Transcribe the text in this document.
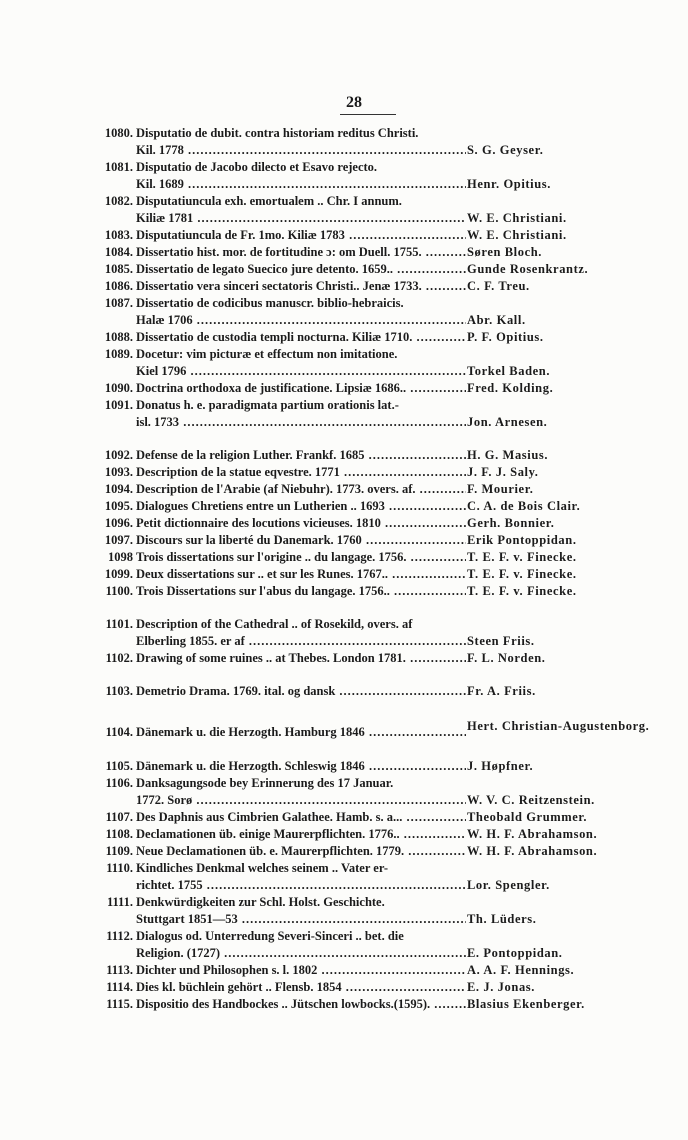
28
1080. Disputatio de dubit. contra historiam reditus Christi.
Kil. 1778 .....	S. G. Geyser.
1081. Disputatio de Jacobo dilecto et Esavo rejecto.
Kil. 1689 .....	Henr. Opitius.
1082. Disputatiuncula exh. emortualem .. Chr. I annum.
Kiliæ 1781 .....	W. E. Christiani.
1083. Disputatiuncula de Fr. 1mo. Kiliæ 1783 .....	W. E. Christiani.
1084. Dissertatio hist. mor. de fortitudine ɔ: om Duell. 1755. .....	Søren Bloch.
1085. Dissertatio de legato Suecico jure detento. 1659.. .....	Gunde Rosenkrantz.
1086. Dissertatio vera sinceri sectatoris Christi.. Jenæ 1733. .....	C. F. Treu.
1087. Dissertatio de codicibus manuscr. biblio-hebraicis.
Halæ 1706 .....	Abr. Kall.
1088. Dissertatio de custodia templi nocturna. Kiliæ 1710. .....	P. F. Opitius.
1089. Docetur: vim picturæ et effectum non imitatione.
Kiel 1796 .....	Torkel Baden.
1090. Doctrina orthodoxa de justificatione. Lipsiæ 1686.. .....	Fred. Kolding.
1091. Donatus h. e. paradigmata partium orationis lat.-
isl. 1733 .....	Jon. Arnesen.
1092. Defense de la religion Luther. Frankf. 1685 .....	H. G. Masius.
1093. Description de la statue eqvestre. 1771 .....	J. F. J. Saly.
1094. Description de l'Arabie (af Niebuhr). 1773. overs. af. .....	F. Mourier.
1095. Dialogues Chretiens entre un Lutherien .. 1693 .....	C. A. de Bois Clair.
1096. Petit dictionnaire des locutions vicieuses. 1810 .....	Gerh. Bonnier.
1097. Discours sur la liberté du Danemark. 1760 .....	Erik Pontoppidan.
1098 Trois dissertations sur l'origine .. du langage. 1756. .....	T. E. F. v. Finecke.
1099. Deux dissertations sur .. et sur les Runes. 1767.. .....	T. E. F. v. Finecke.
1100. Trois Dissertations sur l'abus du langage. 1756.. .....	T. E. F. v. Finecke.
1101. Description of the Cathedral .. of Rosekild, overs. af
Elberling 1855. er af .....	Steen Friis.
1102. Drawing of some ruines .. at Thebes. London 1781. .....	F. L. Norden.
1103. Demetrio Drama. 1769. ital. og dansk .....	Fr. A. Friis.
1104. Dänemark u. die Herzogth. Hamburg 1846 .....	Hert. Christian-Augustenborg.
1105. Dänemark u. die Herzogth. Schleswig 1846 .....	J. Høpfner.
1106. Danksagungsode bey Erinnerung des 17 Januar.
1772. Sorø .....	W. V. C. Reitzenstein.
1107. Des Daphnis aus Cimbrien Galathee. Hamb. s. a... .....	Theobald Grummer.
1108. Declamationen üb. einige Maurerpflichten. 1776.. .....	W. H. F. Abrahamson.
1109. Neue Declamationen üb. e. Maurerpflichten. 1779. .....	W. H. F. Abrahamson.
1110. Kindliches Denkmal welches seinem .. Vater er-
richtet. 1755 .....	Lor. Spengler.
1111. Denkwürdigkeiten zur Schl. Holst. Geschichte.
Stuttgart 1851—53 .....	Th. Lüders.
1112. Dialogus od. Unterredung Severi-Sinceri .. bet. die
Religion. (1727) .....	E. Pontoppidan.
1113. Dichter und Philosophen s. l. 1802 .....	A. A. F. Hennings.
1114. Dies kl. büchlein gehört .. Flensb. 1854 .....	E. J. Jonas.
1115. Dispositio des Handbockes .. Jütschen lowbocks.(1595). .....	Blasius Ekenberger.
